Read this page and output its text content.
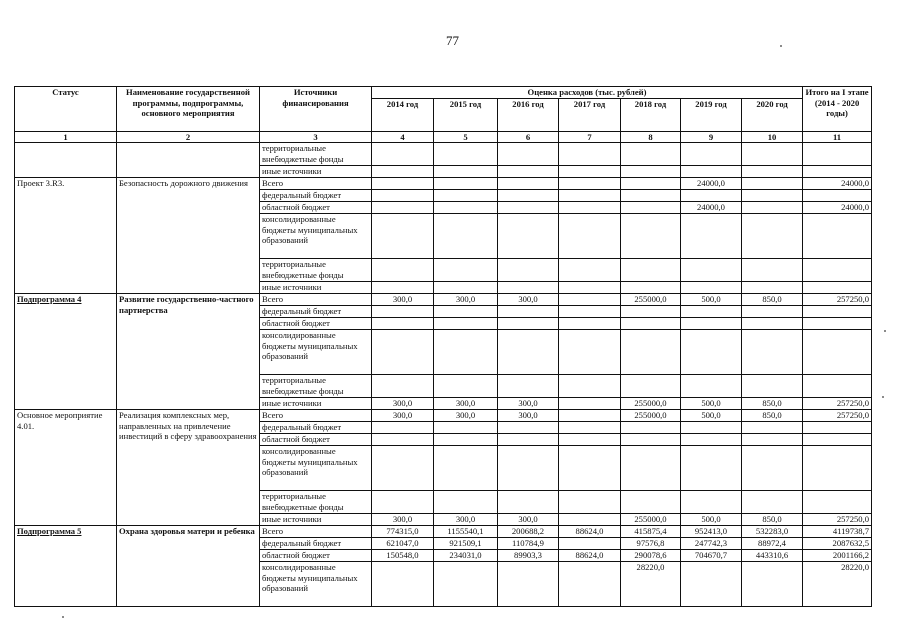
77
Статус	Наименование государственной программы, подпрограммы, основного мероприятия	Источники финансирования	Оценка расходов (тыс. рублей)							Итого на I этапе (2014 - 2020 годы)
			2014 год	2015 год	2016 год	2017 год	2018 год	2019 год	2020 год	
1	2	3	4	5	6	7	8	9	10	11
		территориальные внебюджетные фонды								
		иные источники								
Проект 3.R3.	Безопасность дорожного движения	Всего						24000,0		24000,0
		федеральный бюджет								
		областной бюджет						24000,0		24000,0
		консолидированные бюджеты муниципальных образований								
		территориальные внебюджетные фонды								
		иные источники								
Подпрограмма 4	Развитие государственно-частного партнерства	Всего	300,0	300,0	300,0		255000,0	500,0	850,0	257250,0
		федеральный бюджет								
		областной бюджет								
		консолидированные бюджеты муниципальных образований								
		территориальные внебюджетные фонды								
		иные источники	300,0	300,0	300,0		255000,0	500,0	850,0	257250,0
Основное мероприятие 4.01.	Реализация комплексных мер, направленных на привлечение инвестиций в сферу здравоохранения	Всего	300,0	300,0	300,0		255000,0	500,0	850,0	257250,0
		федеральный бюджет								
		областной бюджет								
		консолидированные бюджеты муниципальных образований								
		территориальные внебюджетные фонды								
		иные источники	300,0	300,0	300,0		255000,0	500,0	850,0	257250,0
Подпрограмма 5	Охрана здоровья матери и ребенка	Всего	774315,0	1155540,1	200688,2	88624,0	415875,4	952413,0	532283,0	4119738,7
		федеральный бюджет	621047,0	921509,1	110784,9		97576,8	247742,3	88972,4	2087632,5
		областной бюджет	150548,0	234031,0	89903,3	88624,0	290078,6	704670,7	443310,6	2001166,2
		консолидированные бюджеты муниципальных образований					28220,0			28220,0
